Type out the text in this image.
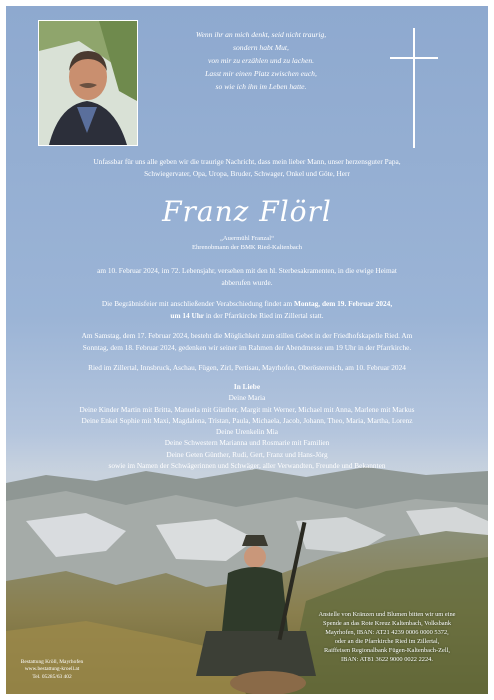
Wenn ihr an mich denkt, seid nicht traurig,
sondern habt Mut,
von mir zu erzählen und zu lachen.
Lasst mir einen Platz zwischen euch,
so wie ich ihn im Leben hatte.
Unfassbar für uns alle geben wir die traurige Nachricht, dass mein lieber Mann, unser herzensguter Papa,
Schwiegervater, Opa, Uropa, Bruder, Schwager, Onkel und Göte, Herr
Franz Flörl
„Auermühl Franzal“
Ehrenobmann der BMK Ried-Kaltenbach
am 10. Februar 2024, im 72. Lebensjahr, versehen mit den hl. Sterbesakramenten, in die ewige Heimat
abberufen wurde.
Die Begräbnisfeier mit anschließender Verabschiedung findet am Montag, dem 19. Februar 2024,
um 14 Uhr in der Pfarrkirche Ried im Zillertal statt.
Am Samstag, dem 17. Februar 2024, besteht die Möglichkeit zum stillen Gebet in der Friedhofskapelle Ried. Am
Sonntag, dem 18. Februar 2024, gedenken wir seiner im Rahmen der Abendmesse um 19 Uhr in der Pfarrkirche.
Ried im Zillertal, Innsbruck, Aschau, Fügen, Zirl, Pertisau, Mayrhofen, Oberösterreich, am 10. Februar 2024
In Liebe
Deine Maria
Deine Kinder Martin mit Britta, Manuela mit Günther, Margit mit Werner, Michael mit Anna, Marlene mit Markus
Deine Enkel Sophie mit Maxi, Magdalena, Tristan, Paula, Michaela, Jacob, Johann, Theo, Maria, Martha, Lorenz
Deine Urenkelin Mia
Deine Schwestern Marianna und Rosmarie mit Familien
Deine Geten Günther, Rudi, Gert, Franz und Hans-Jörg
sowie im Namen der Schwägerinnen und Schwäger, aller Verwandten, Freunde und Bekannten
Anstelle von Kränzen und Blumen bitten wir um eine
Spende an das Rote Kreuz Kaltenbach, Volksbank
Mayrhofen, IBAN: AT21 4239 0006 0000 5372,
oder an die Pfarrkirche Ried im Zillertal,
Raiffeisen Regionalbank Fügen-Kaltenbach-Zell,
IBAN: AT81 3622 9000 0022 2224.
Bestattung Kröll, Mayrhofen
www.bestattung-kroell.at
Tel. 05285/63 402
